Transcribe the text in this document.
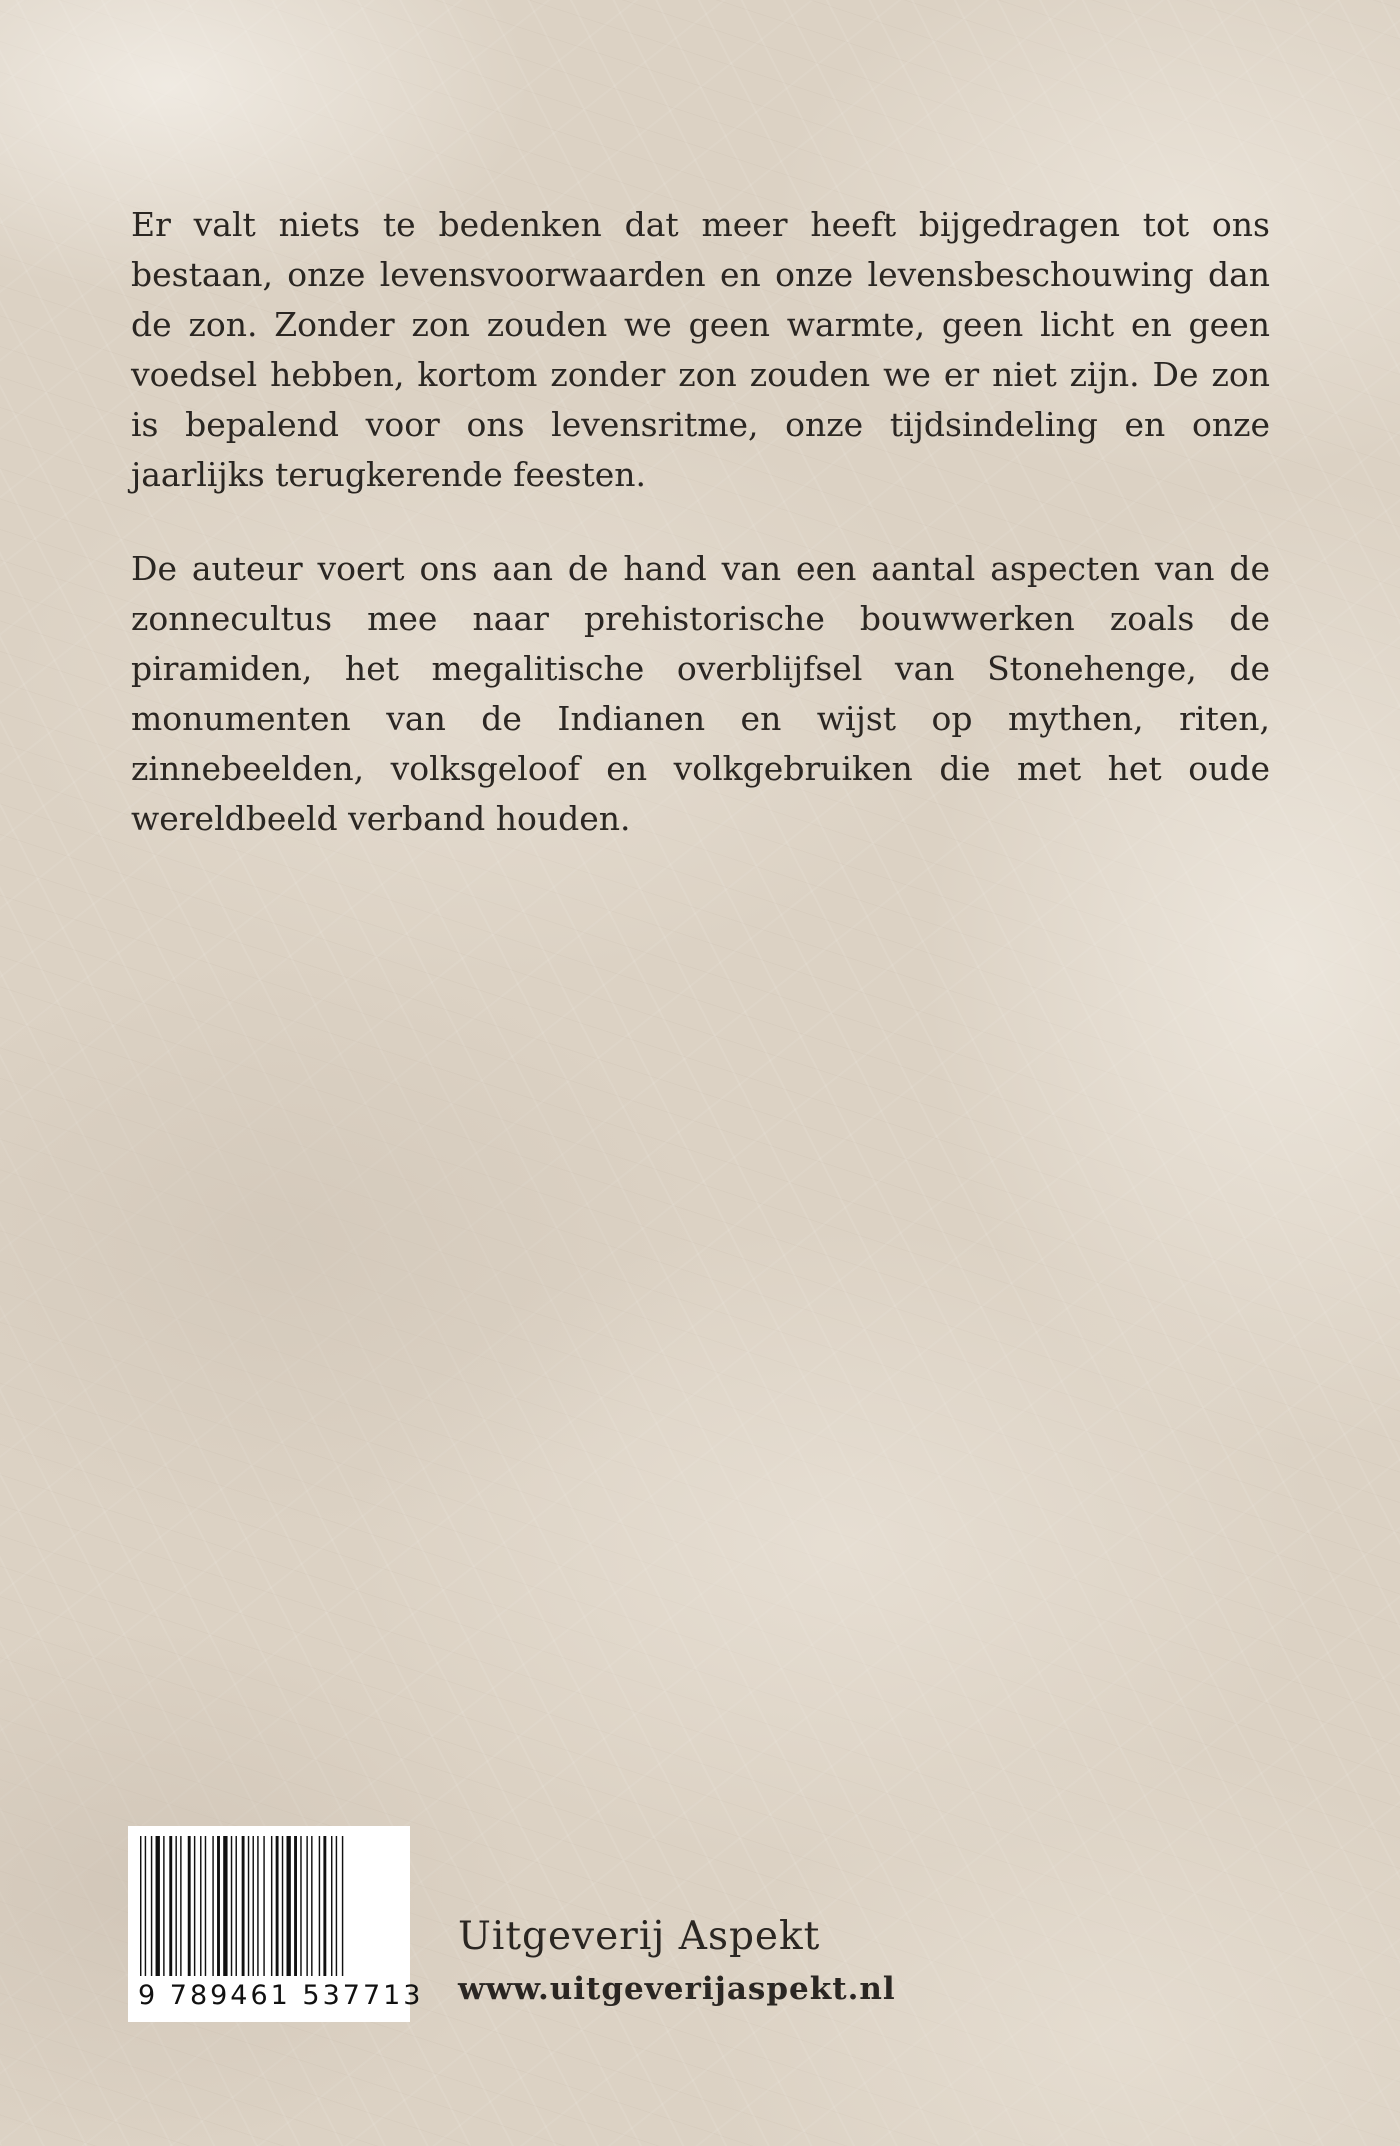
Er valt niets te bedenken dat meer heeft bijgedragen tot ons bestaan, onze levensvoorwaarden en onze levensbeschouwing dan de zon. Zonder zon zouden we geen warmte, geen licht en geen voedsel hebben, kortom zonder zon zouden we er niet zijn. De zon is bepalend voor ons levensritme, onze tijdsindeling en onze jaarlijks terugkerende feesten.

De auteur voert ons aan de hand van een aantal aspecten van de zonnecultus mee naar prehistorische bouwwerken zoals de piramiden, het megalitische overblijfsel van Stonehenge, de monumenten van de Indianen en wijst op mythen, riten, zinnebeelden, volksgeloof en volkgebruiken die met het oude wereldbeeld verband houden.

9 789461 537713
Uitgeverij Aspekt
www.uitgeverijaspekt.nl
